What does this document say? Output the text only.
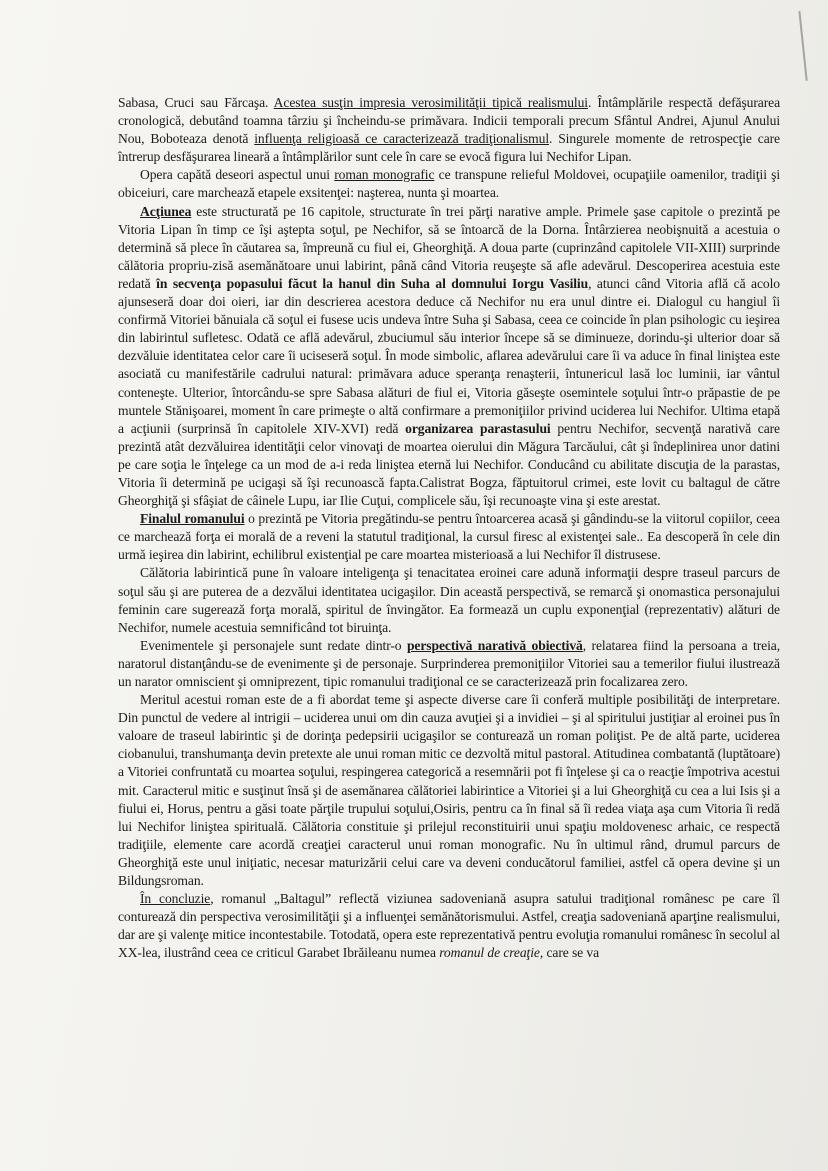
Sabasa, Cruci sau Fărcaşa. Acestea susţin impresia verosimilităţii tipică realismului. Întâmplările respectă defăşurarea cronologică, debutând toamna târziu şi încheindu-se primăvara. Indicii temporali precum Sfântul Andrei, Ajunul Anului Nou, Boboteaza denotă influenţa religioasă ce caracterizează tradiţionalismul. Singurele momente de retrospecţie care întrerup desfăşurarea lineară a întâmplărilor sunt cele în care se evocă figura lui Nechifor Lipan.

Opera capătă deseori aspectul unui roman monografic ce transpune relieful Moldovei, ocupaţiile oamenilor, tradiţii şi obiceiuri, care marchează etapele exsitenţei: naşterea, nunta şi moartea.

Acţiunea este structurată pe 16 capitole, structurate în trei părţi narative ample. Primele şase capitole o prezintă pe Vitoria Lipan în timp ce îşi aştepta soţul, pe Nechifor, să se întoarcă de la Dorna. Întârzierea neobişnuită a acestuia o determină să plece în căutarea sa, împreună cu fiul ei, Gheorghiţă. A doua parte (cuprinzând capitolele VII-XIII) surprinde călătoria propriu-zisă asemănătoare unui labirint, până când Vitoria reuşeşte să afle adevărul. Descoperirea acestuia este redată în secvenţa popasului făcut la hanul din Suha al domnului Iorgu Vasiliu, atunci când Vitoria află că acolo ajunseseră doar doi oieri, iar din descrierea acestora deduce că Nechifor nu era unul dintre ei. Dialogul cu hangiul îi confirmă Vitoriei bănuiala că soţul ei fusese ucis undeva între Suha şi Sabasa, ceea ce coincide în plan psihologic cu ieşirea din labirintul sufletesc. Odată ce află adevărul, zbuciumul său interior începe să se diminueze, dorindu-şi ulterior doar să dezvăluie identitatea celor care îi uciseseră soţul. În mode simbolic, aflarea adevărului care îi va aduce în final liniştea este asociată cu manifestările cadrului natural: primăvara aduce speranţa renaşterii, întunericul lasă loc luminii, iar vântul conteneşte. Ulterior, întorcându-se spre Sabasa alături de fiul ei, Vitoria găseşte osemintele soţului într-o prăpastie de pe muntele Stănişoarei, moment în care primeşte o altă confirmare a premoniţiilor privind uciderea lui Nechifor. Ultima etapă a acţiunii (surprinsă în capitolele XIV-XVI) redă organizarea parastasului pentru Nechifor, secvenţă narativă care prezintă atât dezvăluirea identităţii celor vinovaţi de moartea oierului din Măgura Tarcăului, cât şi îndeplinirea unor datini pe care soţia le înţelege ca un mod de a-i reda liniştea eternă lui Nechifor. Conducând cu abilitate discuţia de la parastas, Vitoria îi determină pe ucigaşi să îşi recunoască fapta.Calistrat Bogza, făptuitorul crimei, este lovit cu baltagul de către Gheorghiţă şi sfâşiat de câinele Lupu, iar Ilie Cuţui, complicele său, îşi recunoaşte vina şi este arestat.

Finalul romanului o prezintă pe Vitoria pregătindu-se pentru întoarcerea acasă şi gândindu-se la viitorul copiilor, ceea ce marchează forţa ei morală de a reveni la statutul tradiţional, la cursul firesc al existenţei sale.. Ea descoperă în cele din urmă ieşirea din labirint, echilibrul existenţial pe care moartea misterioasă a lui Nechifor îl distrusese.

Călătoria labirintică pune în valoare inteligenţa şi tenacitatea eroinei care adună informaţii despre traseul parcurs de soţul său şi are puterea de a dezvălui identitatea ucigaşilor. Din această perspectivă, se remarcă şi onomastica personajului feminin care sugerează forţa morală, spiritul de învingător. Ea formează un cuplu exponenţial (reprezentativ) alături de Nechifor, numele acestuia semnificând tot biruinţa.

Evenimentele şi personajele sunt redate dintr-o perspectivă narativă obiectivă, relatarea fiind la persoana a treia, naratorul distanţându-se de evenimente şi de personaje. Surprinderea premoniţiilor Vitoriei sau a temerilor fiului ilustrează un narator omniscient şi omniprezent, tipic romanului tradiţional ce se caracterizează prin focalizarea zero.

Meritul acestui roman este de a fi abordat teme şi aspecte diverse care îi conferă multiple posibilităţi de interpretare. Din punctul de vedere al intrigii – uciderea unui om din cauza avuţiei şi a invidiei – şi al spiritului justiţiar al eroinei pus în valoare de traseul labirintic şi de dorinţa pedepsirii ucigaşilor se conturează un roman poliţist. Pe de altă parte, uciderea ciobanului, transhumanţa devin pretexte ale unui roman mitic ce dezvoltă mitul pastoral. Atitudinea combatantă (luptătoare) a Vitoriei confruntată cu moartea soţului, respingerea categorică a resemnării pot fi înţelese şi ca o reacţie împotriva acestui mit. Caracterul mitic e susţinut însă şi de asemănarea călătoriei labirintice a Vitoriei şi a lui Gheorghiţă cu cea a lui Isis şi a fiului ei, Horus, pentru a găsi toate părţile trupului soţului,Osiris, pentru ca în final să îi redea viaţa aşa cum Vitoria îi redă lui Nechifor liniştea spirituală. Călătoria constituie şi prilejul reconstituirii unui spaţiu moldovenesc arhaic, ce respectă tradiţiile, elemente care acordă creaţiei caracterul unui roman monografic. Nu în ultimul rând, drumul parcurs de Gheorghiţă este unul iniţiatic, necesar maturizării celui care va deveni conducătorul familiei, astfel că opera devine şi un Bildungsroman.

În concluzie, romanul „Baltagul” reflectă viziunea sadoveniană asupra satului tradiţional românesc pe care îl conturează din perspectiva verosimilităţii şi a influenţei semănătorismului. Astfel, creaţia sadoveniană aparţine realismului, dar are şi valenţe mitice incontestabile. Totodată, opera este reprezentativă pentru evoluţia romanului românesc în secolul al XX-lea, ilustrând ceea ce criticul Garabet Ibrăileanu numea romanul de creaţie, care se va
